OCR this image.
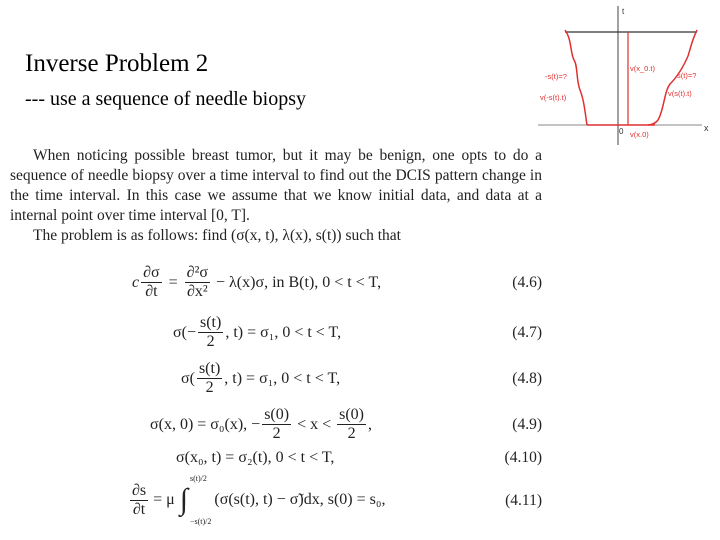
Inverse Problem 2
--- use a sequence of needle biopsy
t
x
0
-s(t)=?
v(-s(t).t)
s(t)=?
v(s(t).t)
v(x_0.t)
v(x.0)

When noticing possible breast tumor, but it may be benign, one opts to do a sequence of needle biopsy over a time interval to find out the DCIS pattern change in the time interval. In this case we assume that we know initial data, and data at a internal point over time interval [0, T].

The problem is as follows: find (σ(x, t), λ(x), s(t)) such that

c $\frac{\partial\sigma}{\partial t} = \frac{\text{∂²σ}}{\text{∂x²}} - \lambda(x)\sigma$, in B(t), 0 < t < T,	(4.6)
$\sigma(- \frac{s(t)}{2}$ , t) = σ₁, 0 < t < T,	(4.7)
$\sigma( \frac{s(t)}{2}$ , t) = σ₁, 0 < t < T,	(4.8)
σ(x, 0) = σ₀(x), − $\frac{s(0)}{2} < x < \frac{s(0)}{2}$ ,	(4.9)
σ(x₀, t) = σ₂(t), 0 < t < T,	(4.10)
$\frac{\partial s}{\partial t} = \mu$ ∫
s(t)/2
−s(t)/2
(σ(s(t), t) − σ̃)dx, s(0) = s₀,	(4.11)
